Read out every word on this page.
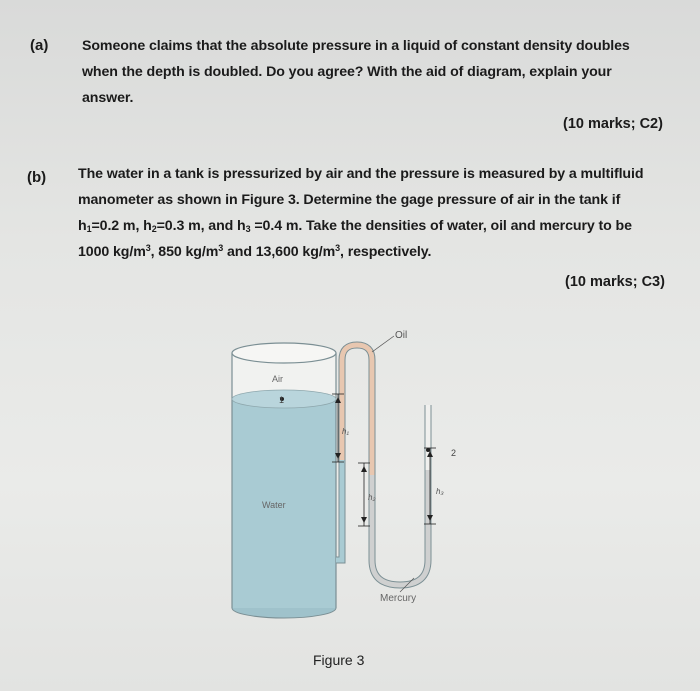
(a) Someone claims that the absolute pressure in a liquid of constant density doubles
when the depth is doubled. Do you agree? With the aid of diagram, explain your
answer.
(10 marks; C2)
(b) The water in a tank is pressurized by air and the pressure is measured by a multifluid
manometer as shown in Figure 3. Determine the gage pressure of air in the tank if
$h_1=0.2$ m, $h_2=0.3$ m, and $h_3 =0.4$ m. Take the densities of water, oil and mercury to be
1000 $kg/m^3$, 850 $kg/m^3$ and 13,600 $kg/m^3$, respectively.
(10 marks; C3)
Oil
Air
1
Water
Mercury
2
h₁
h₂
h₃
Figure 3
